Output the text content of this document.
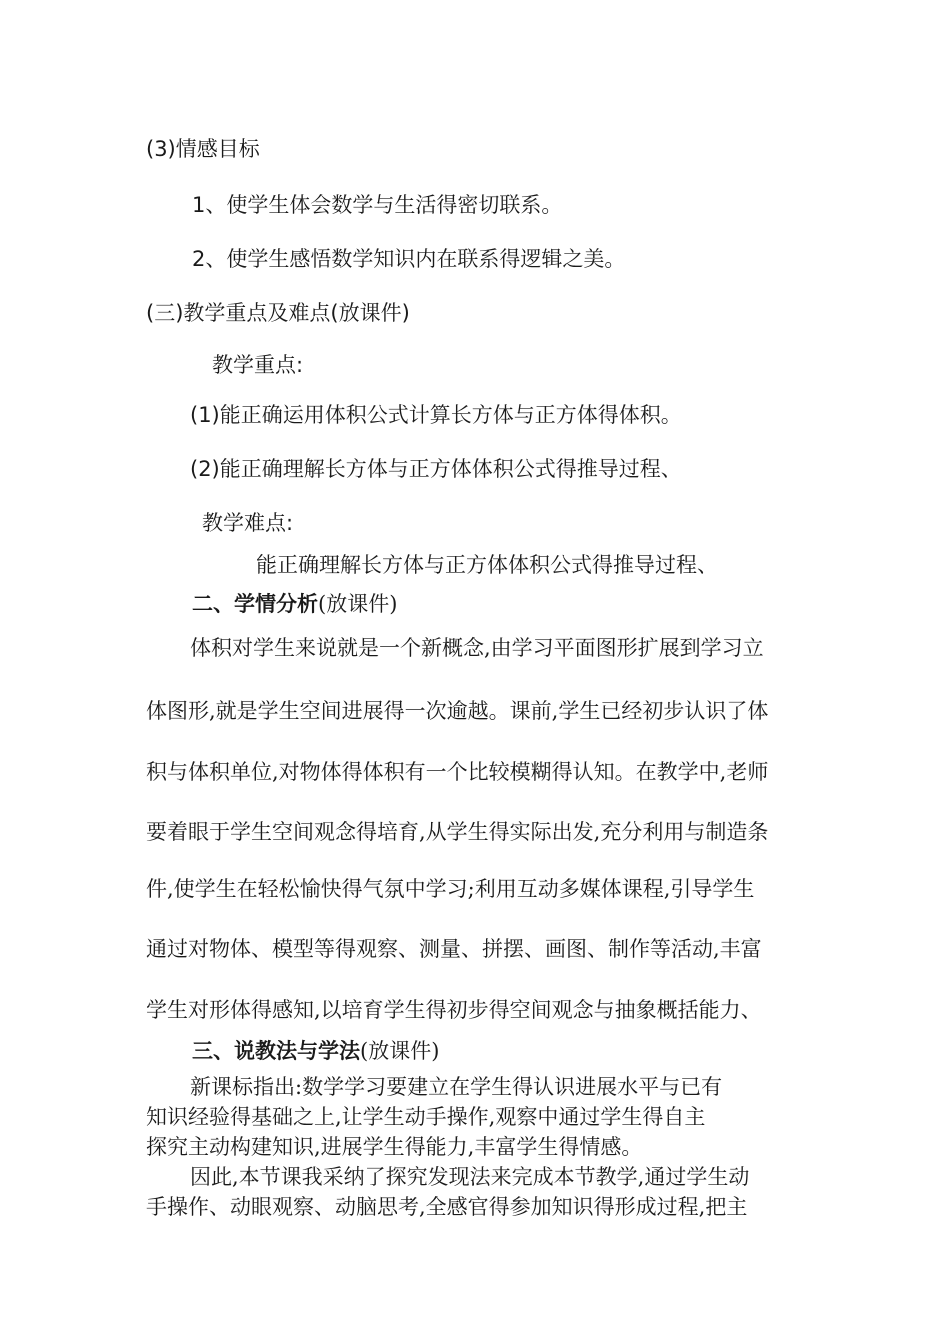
(3)情感目标
1、使学生体会数学与生活得密切联系。
2、使学生感悟数学知识内在联系得逻辑之美。
(三)教学重点及难点(放课件)
教学重点:
(1)能正确运用体积公式计算长方体与正方体得体积。
(2)能正确理解长方体与正方体体积公式得推导过程、
教学难点:
能正确理解长方体与正方体体积公式得推导过程、
二、学情分析(放课件)
体积对学生来说就是一个新概念,由学习平面图形扩展到学习立
体图形,就是学生空间进展得一次逾越。课前,学生已经初步认识了体
积与体积单位,对物体得体积有一个比较模糊得认知。在教学中,老师
要着眼于学生空间观念得培育,从学生得实际出发,充分利用与制造条
件,使学生在轻松愉快得气氛中学习;利用互动多媒体课程,引导学生
通过对物体、模型等得观察、测量、拼摆、画图、制作等活动,丰富
学生对形体得感知,以培育学生得初步得空间观念与抽象概括能力、
三、说教法与学法(放课件)
新课标指出:数学学习要建立在学生得认识进展水平与已有
知识经验得基础之上,让学生动手操作,观察中通过学生得自主
探究主动构建知识,进展学生得能力,丰富学生得情感。
因此,本节课我采纳了探究发现法来完成本节教学,通过学生动
手操作、动眼观察、动脑思考,全感官得参加知识得形成过程,把主
